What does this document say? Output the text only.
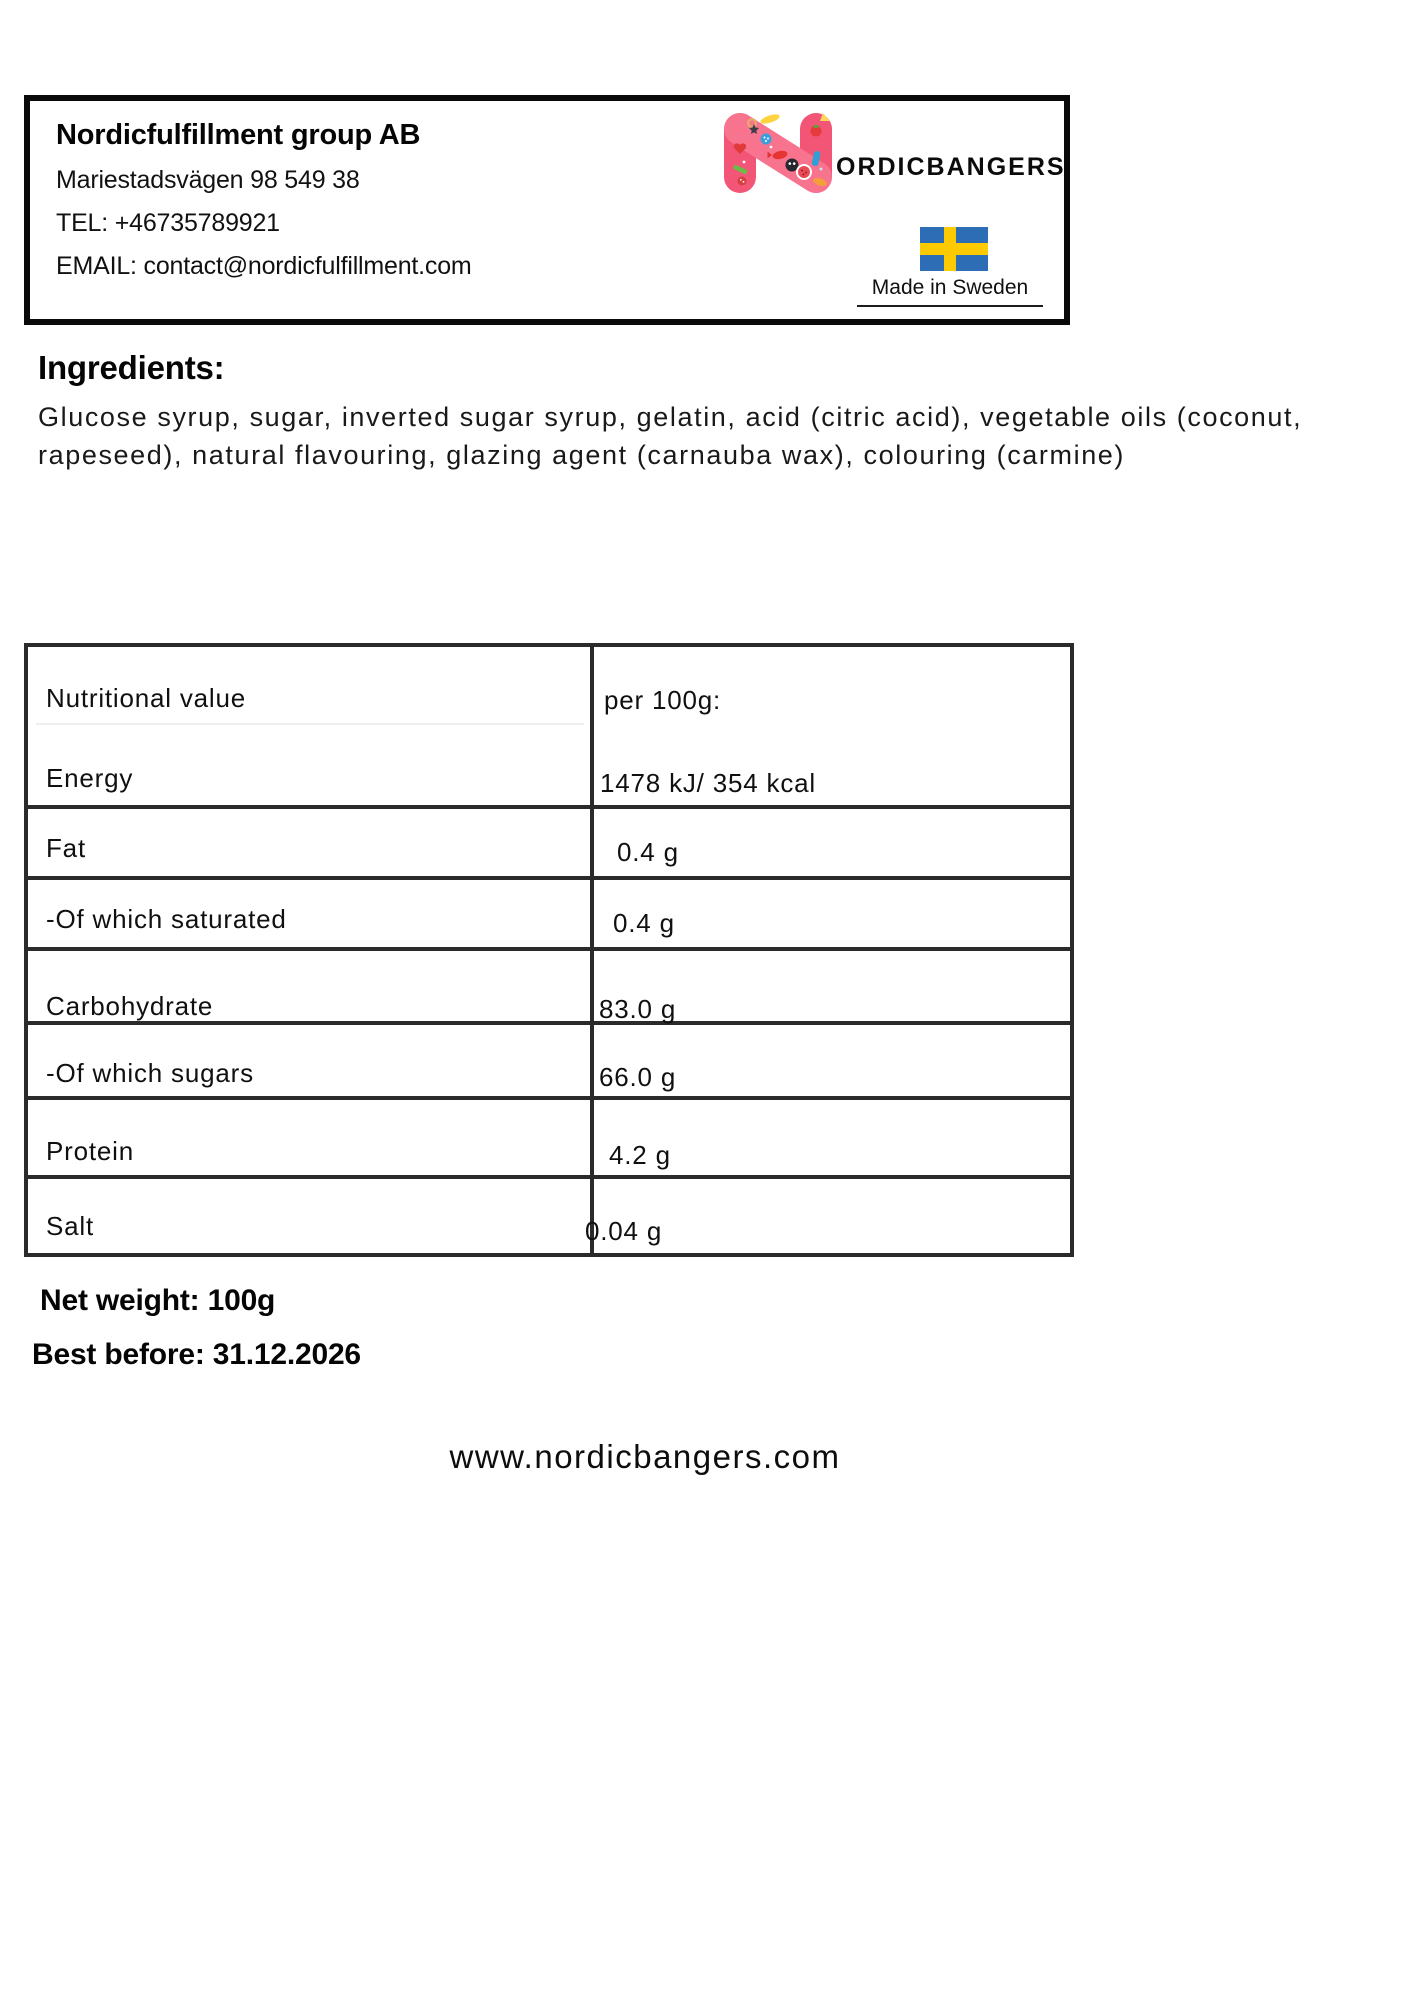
Nordicfulfillment group AB
Mariestadsvägen 98 549 38
TEL: +46735789921
EMAIL: contact@nordicfulfillment.com
ORDICBANGERS
Made in Sweden
Ingredients:
Glucose syrup, sugar, inverted sugar syrup, gelatin, acid (citric acid), vegetable oils (coconut, rapeseed), natural flavouring, glazing agent (carnauba wax), colouring (carmine)
Nutritional value	per 100g:
Energy	1478 kJ/ 354 kcal
Fat	0.4 g
-Of which saturated	0.4 g
Carbohydrate	83.0 g
-Of which sugars	66.0 g
Protein	4.2 g
Salt	0.04 g
Net weight: 100g
Best before: 31.12.2026
www.nordicbangers.com
